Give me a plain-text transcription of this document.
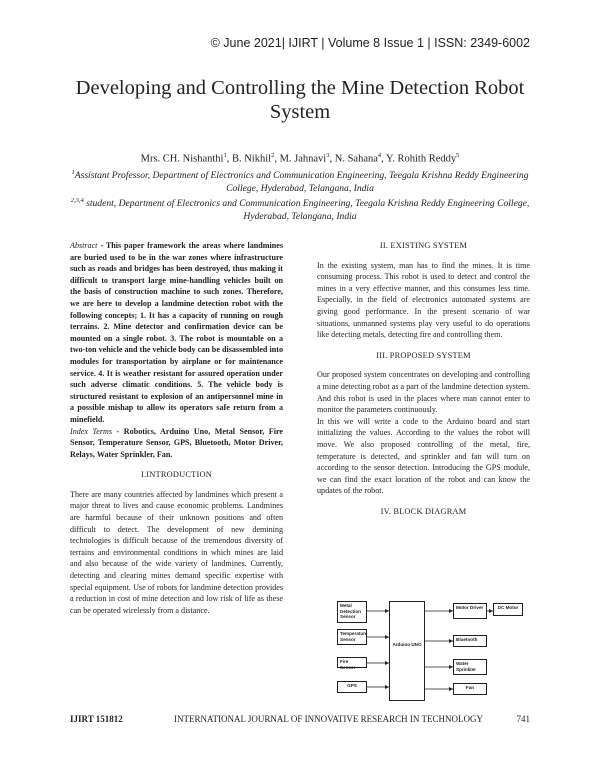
© June 2021| IJIRT | Volume 8 Issue 1 | ISSN: 2349-6002
Developing and Controlling the Mine Detection Robot
System
Mrs. CH. Nishanthi$^1$, B. Nikhil$^2$, M. Jahnavi$^3$, N. Sahana$^4$, Y. Rohith Reddy$^5$
$^1$Assistant Professor, Department of Electronics and Communication Engineering, Teegala Krishna Reddy Engineering College, Hyderabad, Telangana, India
$^{2,3,4}$ student, Department of Electronics and Communication Engineering, Teegala Krishna Reddy Engineering College, Hyderabad, Telangana, India

Abstract - This paper framework the areas where landmines are buried used to be in the war zones where infrastructure such as roads and bridges has been destroyed, thus making it difficult to transport large mine-handling vehicles built on the basis of construction machine to such zones. Therefore, we are here to develop a landmine detection robot with the following concepts; 1. It has a capacity of running on rough terrains. 2. Mine detector and confirmation device can be mounted on a single robot. 3. The robot is mountable on a two-ton vehicle and the vehicle body can be disassembled into modules for transportation by airplane or for maintenance service. 4. It is weather resistant for assured operation under such adverse climatic conditions. 5. The vehicle body is structured resistant to explosion of an antipersonnel mine in a possible mishap to allow its operators safe return from a minefield.

Index Terms - Robotics, Arduino Uno, Metal Sensor, Fire Sensor, Temperature Sensor, GPS, Bluetooth, Motor Driver, Relays, Water Sprinkler, Fan.

I.INTRODUCTION

There are many countries affected by landmines which present a major threat to lives and cause economic problems. Landmines are harmful because of their unknown positions and often difficult to detect. The development of new demining technologies is difficult because of the tremendous diversity of terrains and environmental conditions in which mines are laid and also because of the wide variety of landmines. Currently, detecting and clearing mines demand specific expertise with special equipment. Use of robots for landmine detection provides a reduction in cost of mine detection and low risk of life as these can be operated wirelessly from a distance.

II. EXISTING SYSTEM

In the existing system, man has to find the mines. It is time consuming process. This robot is used to detect and control the mines in a very effective manner, and this consumes less time. Especially, in the field of electronics automated systems are giving good performance. In the present scenario of war situations, unmanned systems play very useful to do operations like detecting metals, detecting fire and controlling them.

III. PROPOSED SYSTEM

Our proposed system concentrates on developing and controlling a mine detecting robot as a part of the landmine detection system. And this robot is used in the places where man cannot enter to monitor the parameters continuously.

In this we will write a code to the Arduino board and start initializing the values. According to the values the robot will move. We also proposed controlling of the metal, fire, temperature is detected, and sprinkler and fan will turn on according to the sensor detection. Introducing the GPS module, we can find the exact location of the robot and can know the updates of the robot.

IV. BLOCK DIAGRAM
Metal Detection Sensor
Temperature Sensor
Fire Sensor
GPS
Arduino UNO
Motor Driver	DC Motor
Bluetooth
Water Sprinkler
Fan
IJIRT 151812	INTERNATIONAL JOURNAL OF INNOVATIVE RESEARCH IN TECHNOLOGY	741
